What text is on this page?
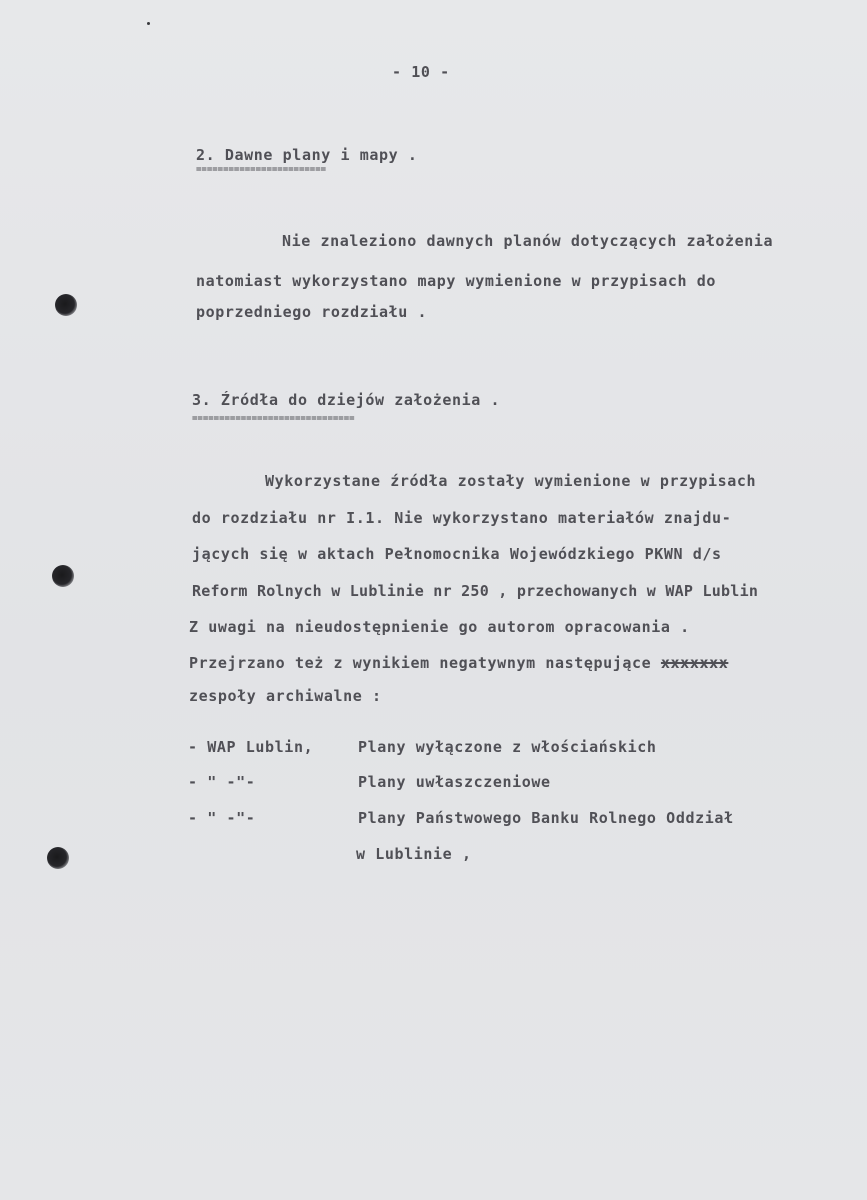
- 10 -
2. Dawne plany i mapy .
========================
Nie znaleziono dawnych planów dotyczących założenia
natomiast wykorzystano mapy wymienione w przypisach do
poprzedniego rozdziału .
3. Źródła do dziejów założenia .
==============================
Wykorzystane źródła zostały wymienione w przypisach
do rozdziału nr I.1. Nie wykorzystano materiałów znajdu-
jących się w aktach Pełnomocnika Wojewódzkiego PKWN d/s
Reform Rolnych w Lublinie nr 250 , przechowanych w WAP Lublin
Z uwagi na nieudostępnienie go autorom opracowania .
Przejrzano też z wynikiem negatywnym następujące xxxxxxx
zespoły archiwalne :
- WAP Lublin,	Plany wyłączone z włościańskich
- " -"-	Plany uwłaszczeniowe
- " -"-	Plany Państwowego Banku Rolnego Oddział
w Lublinie ,
